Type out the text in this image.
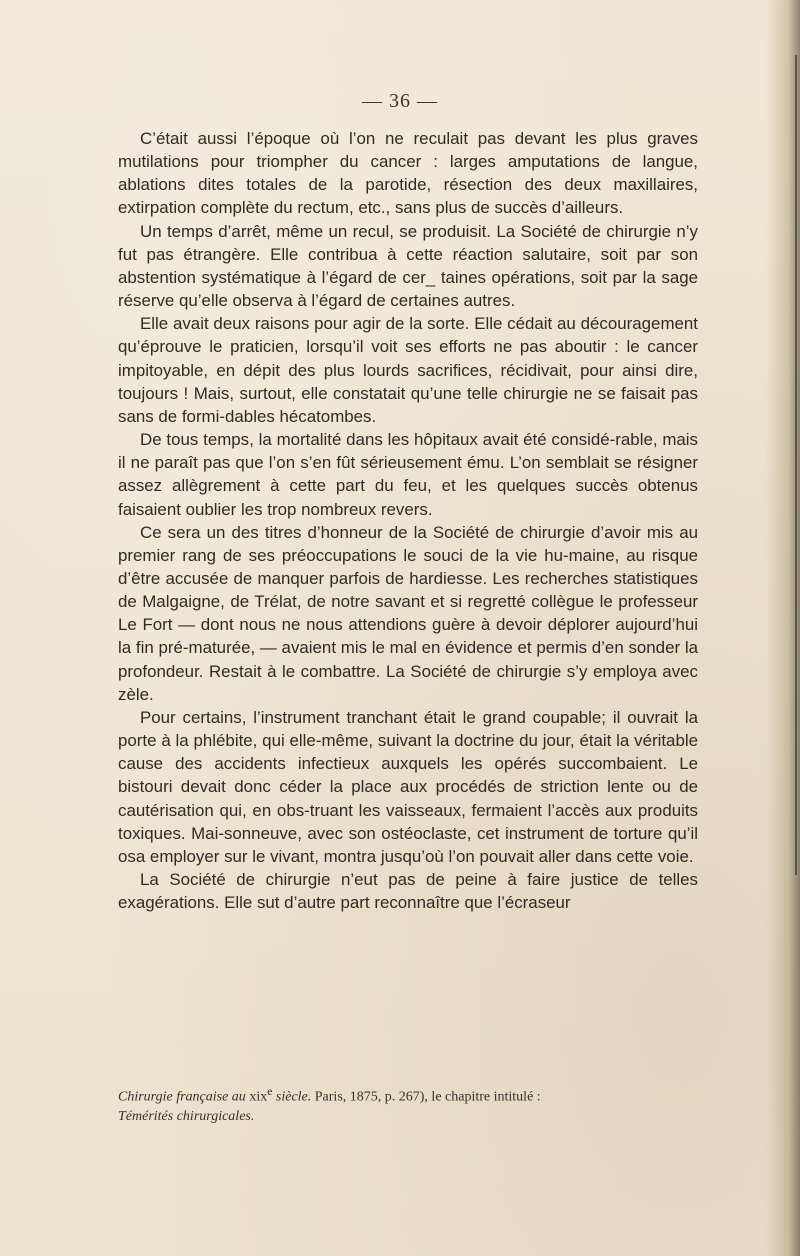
— 36 —

C’était aussi l’époque où l’on ne reculait pas devant les plus graves mutilations pour triompher du cancer : larges amputations de langue, ablations dites totales de la parotide, résection des deux maxillaires, extirpation complète du rectum, etc., sans plus de succès d’ailleurs.

Un temps d’arrêt, même un recul, se produisit. La Société de chirurgie n’y fut pas étrangère. Elle contribua à cette réaction salutaire, soit par son abstention systématique à l’égard de cer_ taines opérations, soit par la sage réserve qu’elle observa à l’égard de certaines autres.

Elle avait deux raisons pour agir de la sorte. Elle cédait au découragement qu’éprouve le praticien, lorsqu’il voit ses efforts ne pas aboutir : le cancer impitoyable, en dépit des plus lourds sacrifices, récidivait, pour ainsi dire, toujours ! Mais, surtout, elle constatait qu’une telle chirurgie ne se faisait pas sans de formi-dables hécatombes.

De tous temps, la mortalité dans les hôpitaux avait été considé-rable, mais il ne paraît pas que l’on s’en fût sérieusement ému. L’on semblait se résigner assez allègrement à cette part du feu, et les quelques succès obtenus faisaient oublier les trop nombreux revers.

Ce sera un des titres d’honneur de la Société de chirurgie d’avoir mis au premier rang de ses préoccupations le souci de la vie hu-maine, au risque d’être accusée de manquer parfois de hardiesse. Les recherches statistiques de Malgaigne, de Trélat, de notre savant et si regretté collègue le professeur Le Fort — dont nous ne nous attendions guère à devoir déplorer aujourd’hui la fin pré-maturée, — avaient mis le mal en évidence et permis d’en sonder la profondeur. Restait à le combattre. La Société de chirurgie s’y employa avec zèle.

Pour certains, l’instrument tranchant était le grand coupable; il ouvrait la porte à la phlébite, qui elle-même, suivant la doctrine du jour, était la véritable cause des accidents infectieux auxquels les opérés succombaient. Le bistouri devait donc céder la place aux procédés de striction lente ou de cautérisation qui, en obs-truant les vaisseaux, fermaient l’accès aux produits toxiques. Mai-sonneuve, avec son ostéoclaste, cet instrument de torture qu’il osa employer sur le vivant, montra jusqu’où l’on pouvait aller dans cette voie.

La Société de chirurgie n’eut pas de peine à faire justice de telles exagérations. Elle sut d’autre part reconnaître que l’écraseur

Chirurgie française au xix$^e$ siècle. Paris, 1875, p. 267), le chapitre intitulé :

Témérités chirurgicales.
